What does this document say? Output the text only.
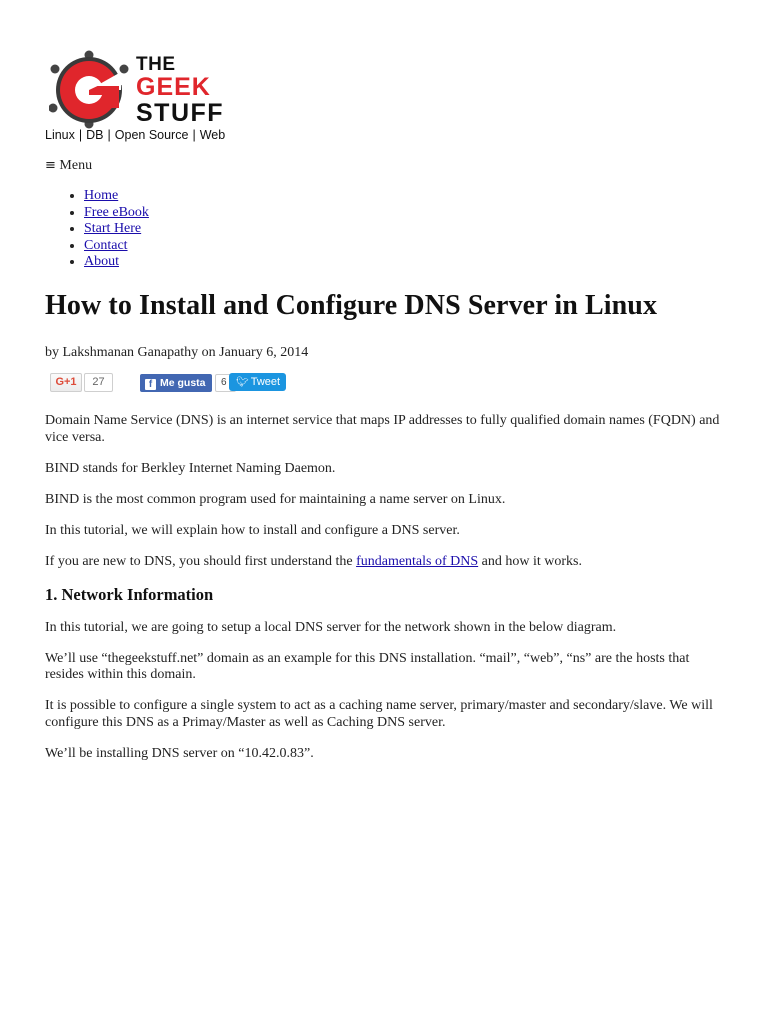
THE
GEEK
STUFF
Linux | DB | Open Source | Web
≡ Menu
• Home
• Free eBook
• Start Here
• Contact
• About
How to Install and Configure DNS Server in Linux
by Lakshmanan Ganapathy on January 6, 2014
G+1	27	f Me gusta	6 🐦︎ Tweet

Domain Name Service (DNS) is an internet service that maps IP addresses to fully qualified domain names (FQDN) and vice versa.

BIND stands for Berkley Internet Naming Daemon.

BIND is the most common program used for maintaining a name server on Linux.

In this tutorial, we will explain how to install and configure a DNS server.

If you are new to DNS, you should first understand the fundamentals of DNS and how it works.

1. Network Information

In this tutorial, we are going to setup a local DNS server for the network shown in the below diagram.

We’ll use “thegeekstuff.net” domain as an example for this DNS installation. “mail”, “web”, “ns” are the hosts that resides within this domain.

It is possible to configure a single system to act as a caching name server, primary/master and secondary/slave. We will configure this DNS as a Primay/Master as well as Caching DNS server.

We’ll be installing DNS server on “10.42.0.83”.
